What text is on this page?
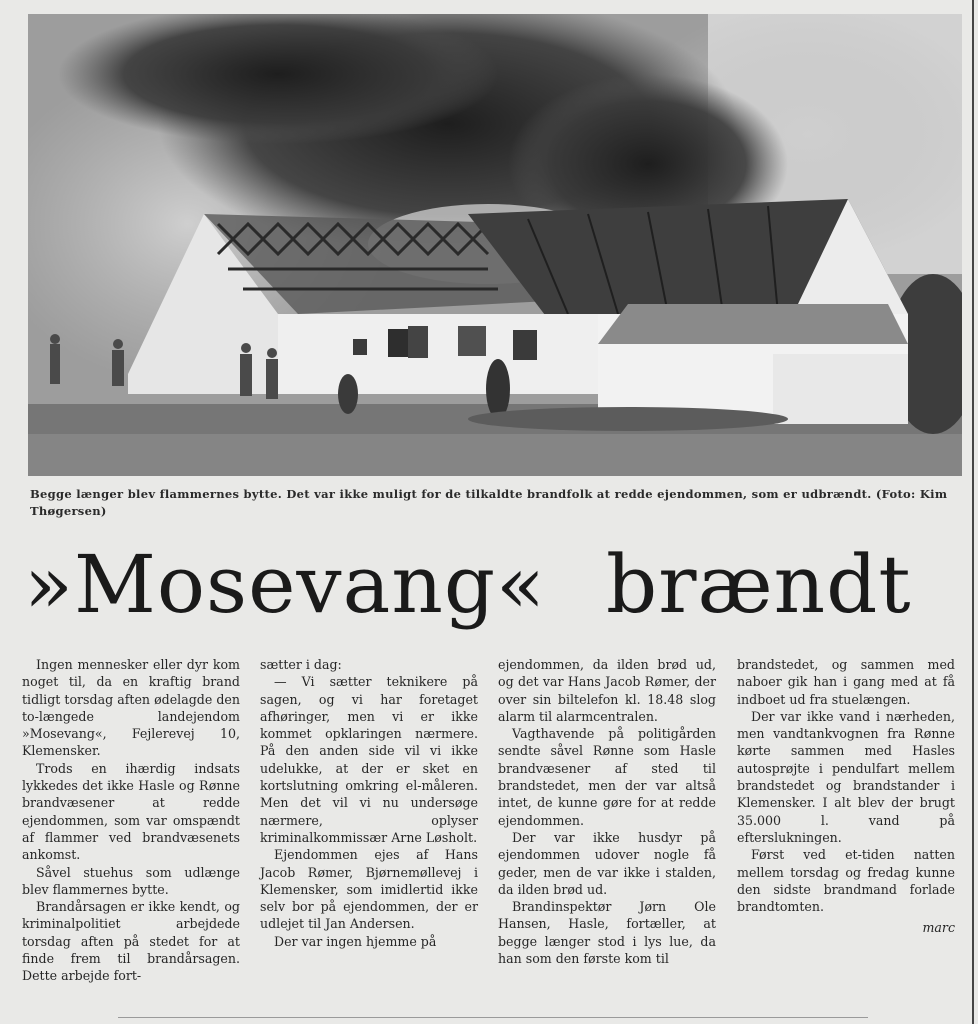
Begge længer blev flammernes bytte. Det var ikke muligt for de tilkaldte brandfolk at redde ejendommen, som er udbrændt. (Foto: Kim Thøgersen)
»Mosevang« brændt

Ingen mennesker eller dyr kom noget til, da en kraftig brand tidligt torsdag aften ødelagde den to-længede landejendom »Mosevang«, Fejlerevej 10, Klemensker.

Trods en ihærdig indsats lykkedes det ikke Hasle og Rønne brandvæsener at redde ejendommen, som var omspændt af flammer ved brandvæsenets ankomst.

Såvel stuehus som udlænge blev flammernes bytte.

Brandårsagen er ikke kendt, og kriminalpolitiet arbejdede torsdag aften på stedet for at finde frem til brandårsagen. Dette arbejde fort-

sætter i dag:

— Vi sætter teknikere på sagen, og vi har foretaget afhøringer, men vi er ikke kommet opklaringen nærmere. På den anden side vil vi ikke udelukke, at der er sket en kortslutning omkring el-måleren. Men det vil vi nu undersøge nærmere, oplyser kriminalkommissær Arne Løsholt.

Ejendommen ejes af Hans Jacob Rømer, Bjørnemøllevej i Klemensker, som imidlertid ikke selv bor på ejendommen, der er udlejet til Jan Andersen.

Der var ingen hjemme på

ejendommen, da ilden brød ud, og det var Hans Jacob Rømer, der over sin biltelefon kl. 18.48 slog alarm til alarmcentralen.

Vagthavende på politigården sendte såvel Rønne som Hasle brandvæsener af sted til brandstedet, men der var altså intet, de kunne gøre for at redde ejendommen.

Der var ikke husdyr på ejendommen udover nogle få geder, men de var ikke i stalden, da ilden brød ud.

Brandinspektør Jørn Ole Hansen, Hasle, fortæller, at begge længer stod i lys lue, da han som den første kom til

brandstedet, og sammen med naboer gik han i gang med at få indboet ud fra stuelængen.

Der var ikke vand i nærheden, men vandtankvognen fra Rønne kørte sammen med Hasles autosprøjte i pendulfart mellem brandstedet og brandstander i Klemensker. I alt blev der brugt 35.000 l. vand på efterslukningen.

Først ved et-tiden natten mellem torsdag og fredag kunne den sidste brandmand forlade brandtomten.

marc
